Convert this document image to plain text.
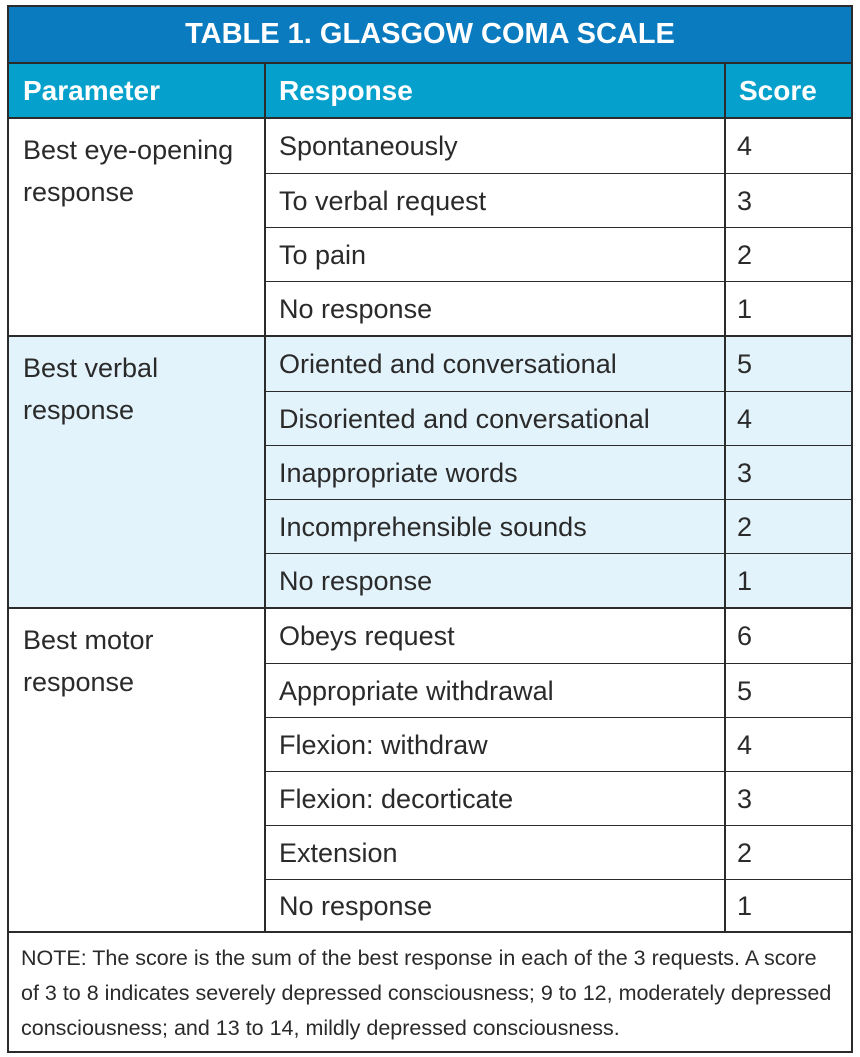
TABLE 1. GLASGOW COMA SCALE
Parameter	Response	Score
Best eye-opening response
Spontaneously	4
To verbal request	3
To pain	2
No response	1
Best verbal response
Oriented and conversational	5
Disoriented and conversational	4
Inappropriate words	3
Incomprehensible sounds	2
No response	1
Best motor response
Obeys request	6
Appropriate withdrawal	5
Flexion: withdraw	4
Flexion: decorticate	3
Extension	2
No response	1
NOTE: The score is the sum of the best response in each of the 3 requests. A score of 3 to 8 indicates severely depressed consciousness; 9 to 12, moderately depressed consciousness; and 13 to 14, mildly depressed consciousness.
